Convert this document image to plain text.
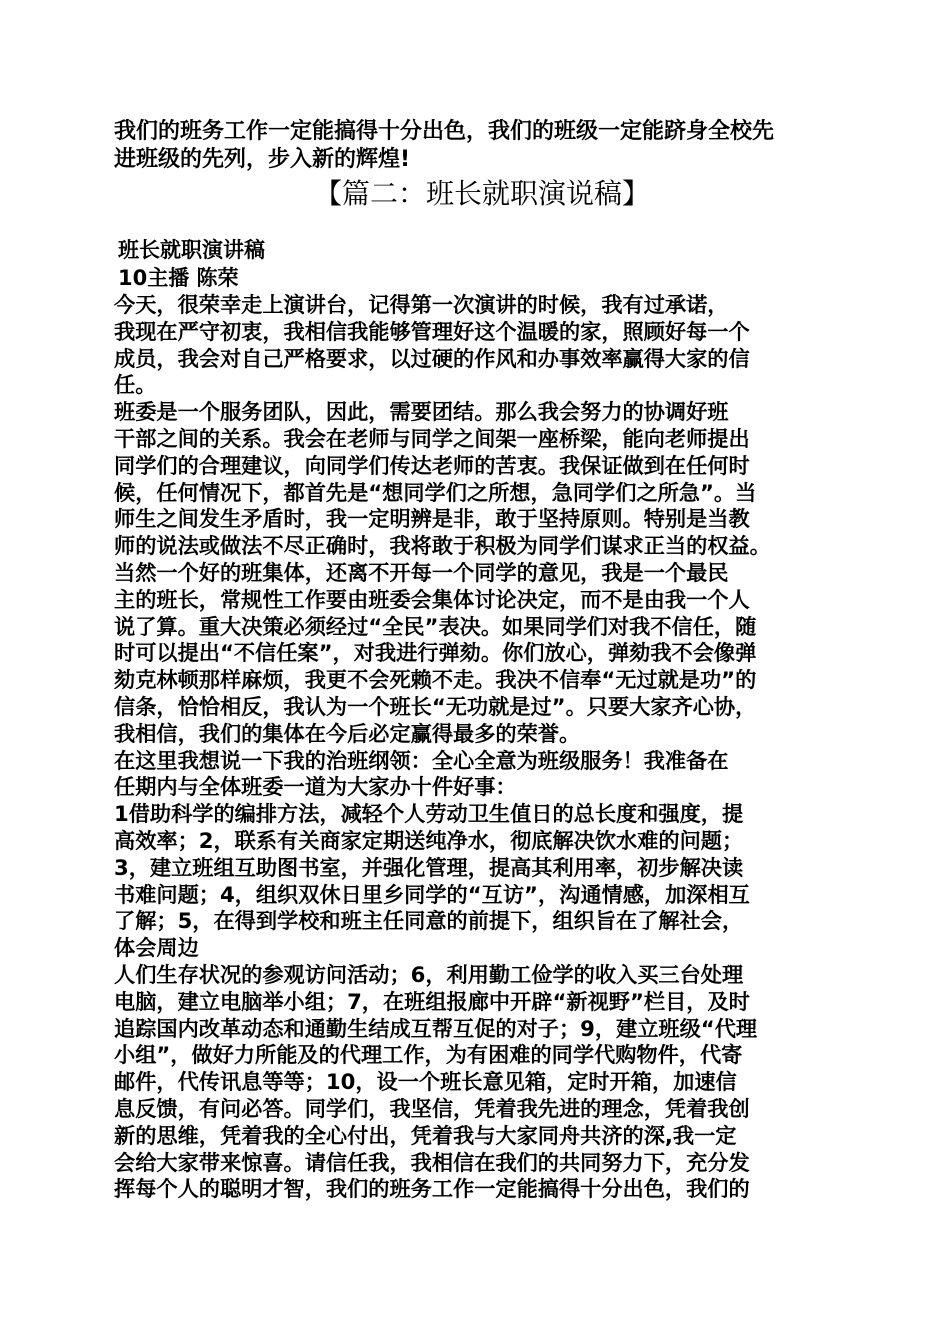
我们的班务工作一定能搞得十分出色，我们的班级一定能跻身全校先
进班级的先列，步入新的辉煌!

【篇二：班长就职演说稿】
班长就职演讲稿
10主播 陈荣

今天，很荣幸走上演讲台，记得第一次演讲的时候，我有过承诺，
我现在严守初衷，我相信我能够管理好这个温暖的家，照顾好每一个
成员，我会对自己严格要求，以过硬的作风和办事效率赢得大家的信
任。

班委是一个服务团队，因此，需要团结。那么我会努力的协调好班
干部之间的关系。我会在老师与同学之间架一座桥梁，能向老师提出
同学们的合理建议，向同学们传达老师的苦衷。我保证做到在任何时
候，任何情况下，都首先是“想同学们之所想，急同学们之所急”。当
师生之间发生矛盾时，我一定明辨是非，敢于坚持原则。特别是当教
师的说法或做法不尽正确时，我将敢于积极为同学们谋求正当的权益。

当然一个好的班集体，还离不开每一个同学的意见，我是一个最民
主的班长，常规性工作要由班委会集体讨论决定，而不是由我一个人
说了算。重大决策必须经过“全民”表决。如果同学们对我不信任，随
时可以提出“不信任案”，对我进行弹劾。你们放心，弹劾我不会像弹
劾克林顿那样麻烦，我更不会死赖不走。我决不信奉“无过就是功”的
信条，恰恰相反，我认为一个班长“无功就是过”。只要大家齐心协，
我相信，我们的集体在今后必定赢得最多的荣誉。

在这里我想说一下我的治班纲领：全心全意为班级服务！我准备在
任期内与全体班委一道为大家办十件好事：

1借助科学的编排方法，减轻个人劳动卫生值日的总长度和强度，提
高效率；2，联系有关商家定期送纯净水，彻底解决饮水难的问题；
3，建立班组互助图书室，并强化管理，提高其利用率，初步解决读
书难问题；4，组织双休日里乡同学的“互访”，沟通情感，加深相互
了解；5，在得到学校和班主任同意的前提下，组织旨在了解社会，
体会周边

人们生存状况的参观访问活动；6，利用勤工俭学的收入买三台处理
电脑，建立电脑举小组；7，在班组报廊中开辟“新视野”栏目，及时
追踪国内改革动态和通勤生结成互帮互促的对子；9，建立班级“代理
小组”，做好力所能及的代理工作，为有困难的同学代购物件，代寄
邮件，代传讯息等等；10，设一个班长意见箱，定时开箱，加速信
息反馈，有问必答。同学们，我坚信，凭着我先进的理念，凭着我创
新的思维，凭着我的全心付出，凭着我与大家同舟共济的深,我一定
会给大家带来惊喜。请信任我，我相信在我们的共同努力下，充分发
挥每个人的聪明才智，我们的班务工作一定能搞得十分出色，我们的
